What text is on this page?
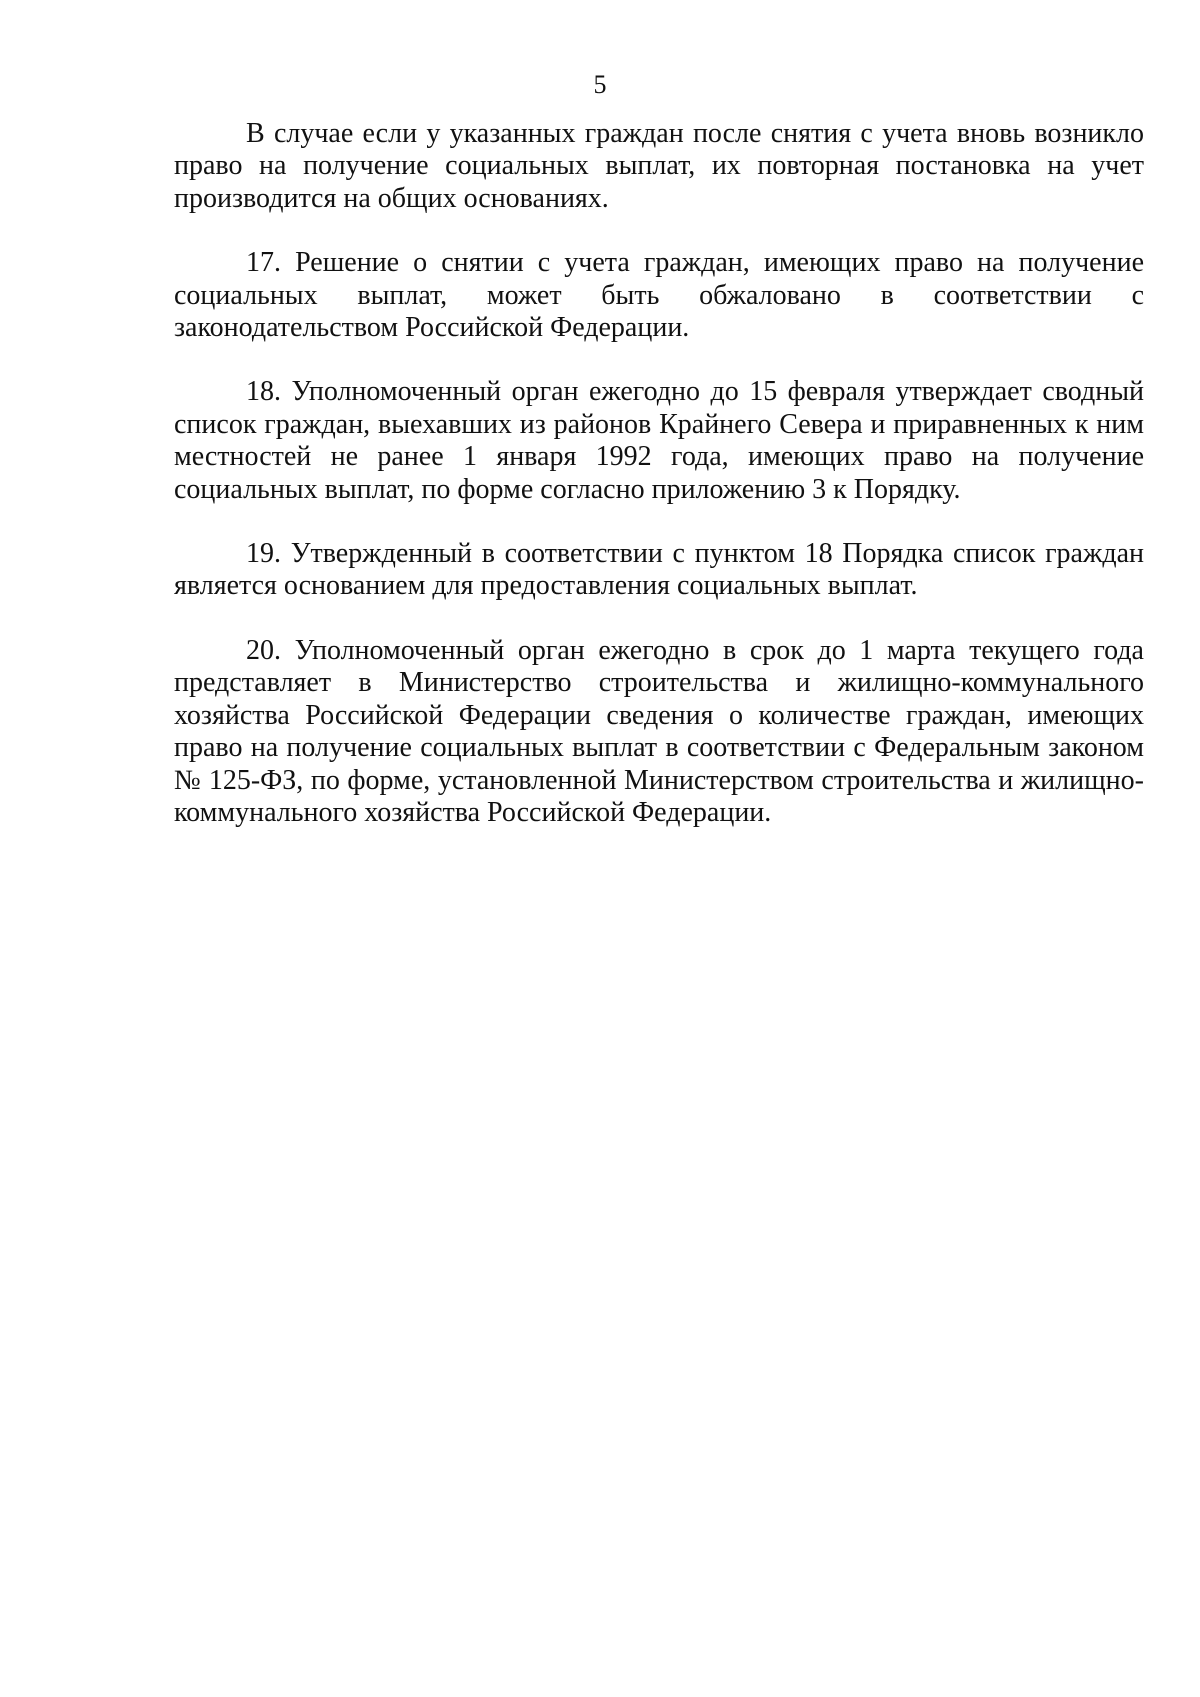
5

В случае если у указанных граждан после снятия с учета вновь возникло право на получение социальных выплат, их повторная постановка на учет производится на общих основаниях.

17. Решение о снятии с учета граждан, имеющих право на получение социальных выплат, может быть обжаловано в соответствии с законодательством Российской Федерации.

18. Уполномоченный орган ежегодно до 15 февраля утверждает сводный список граждан, выехавших из районов Крайнего Севера и приравненных к ним местностей не ранее 1 января 1992 года, имеющих право на получение социальных выплат, по форме согласно приложению 3 к Порядку.

19. Утвержденный в соответствии с пунктом 18 Порядка список граждан является основанием для предоставления социальных выплат.

20. Уполномоченный орган ежегодно в срок до 1 марта текущего года представляет в Министерство строительства и жилищно-коммунального хозяйства Российской Федерации сведения о количестве граждан, имеющих право на получение социальных выплат в соответствии с Федеральным законом № 125-ФЗ, по форме, установленной Министерством строительства и жилищно-коммунального хозяйства Российской Федерации.
